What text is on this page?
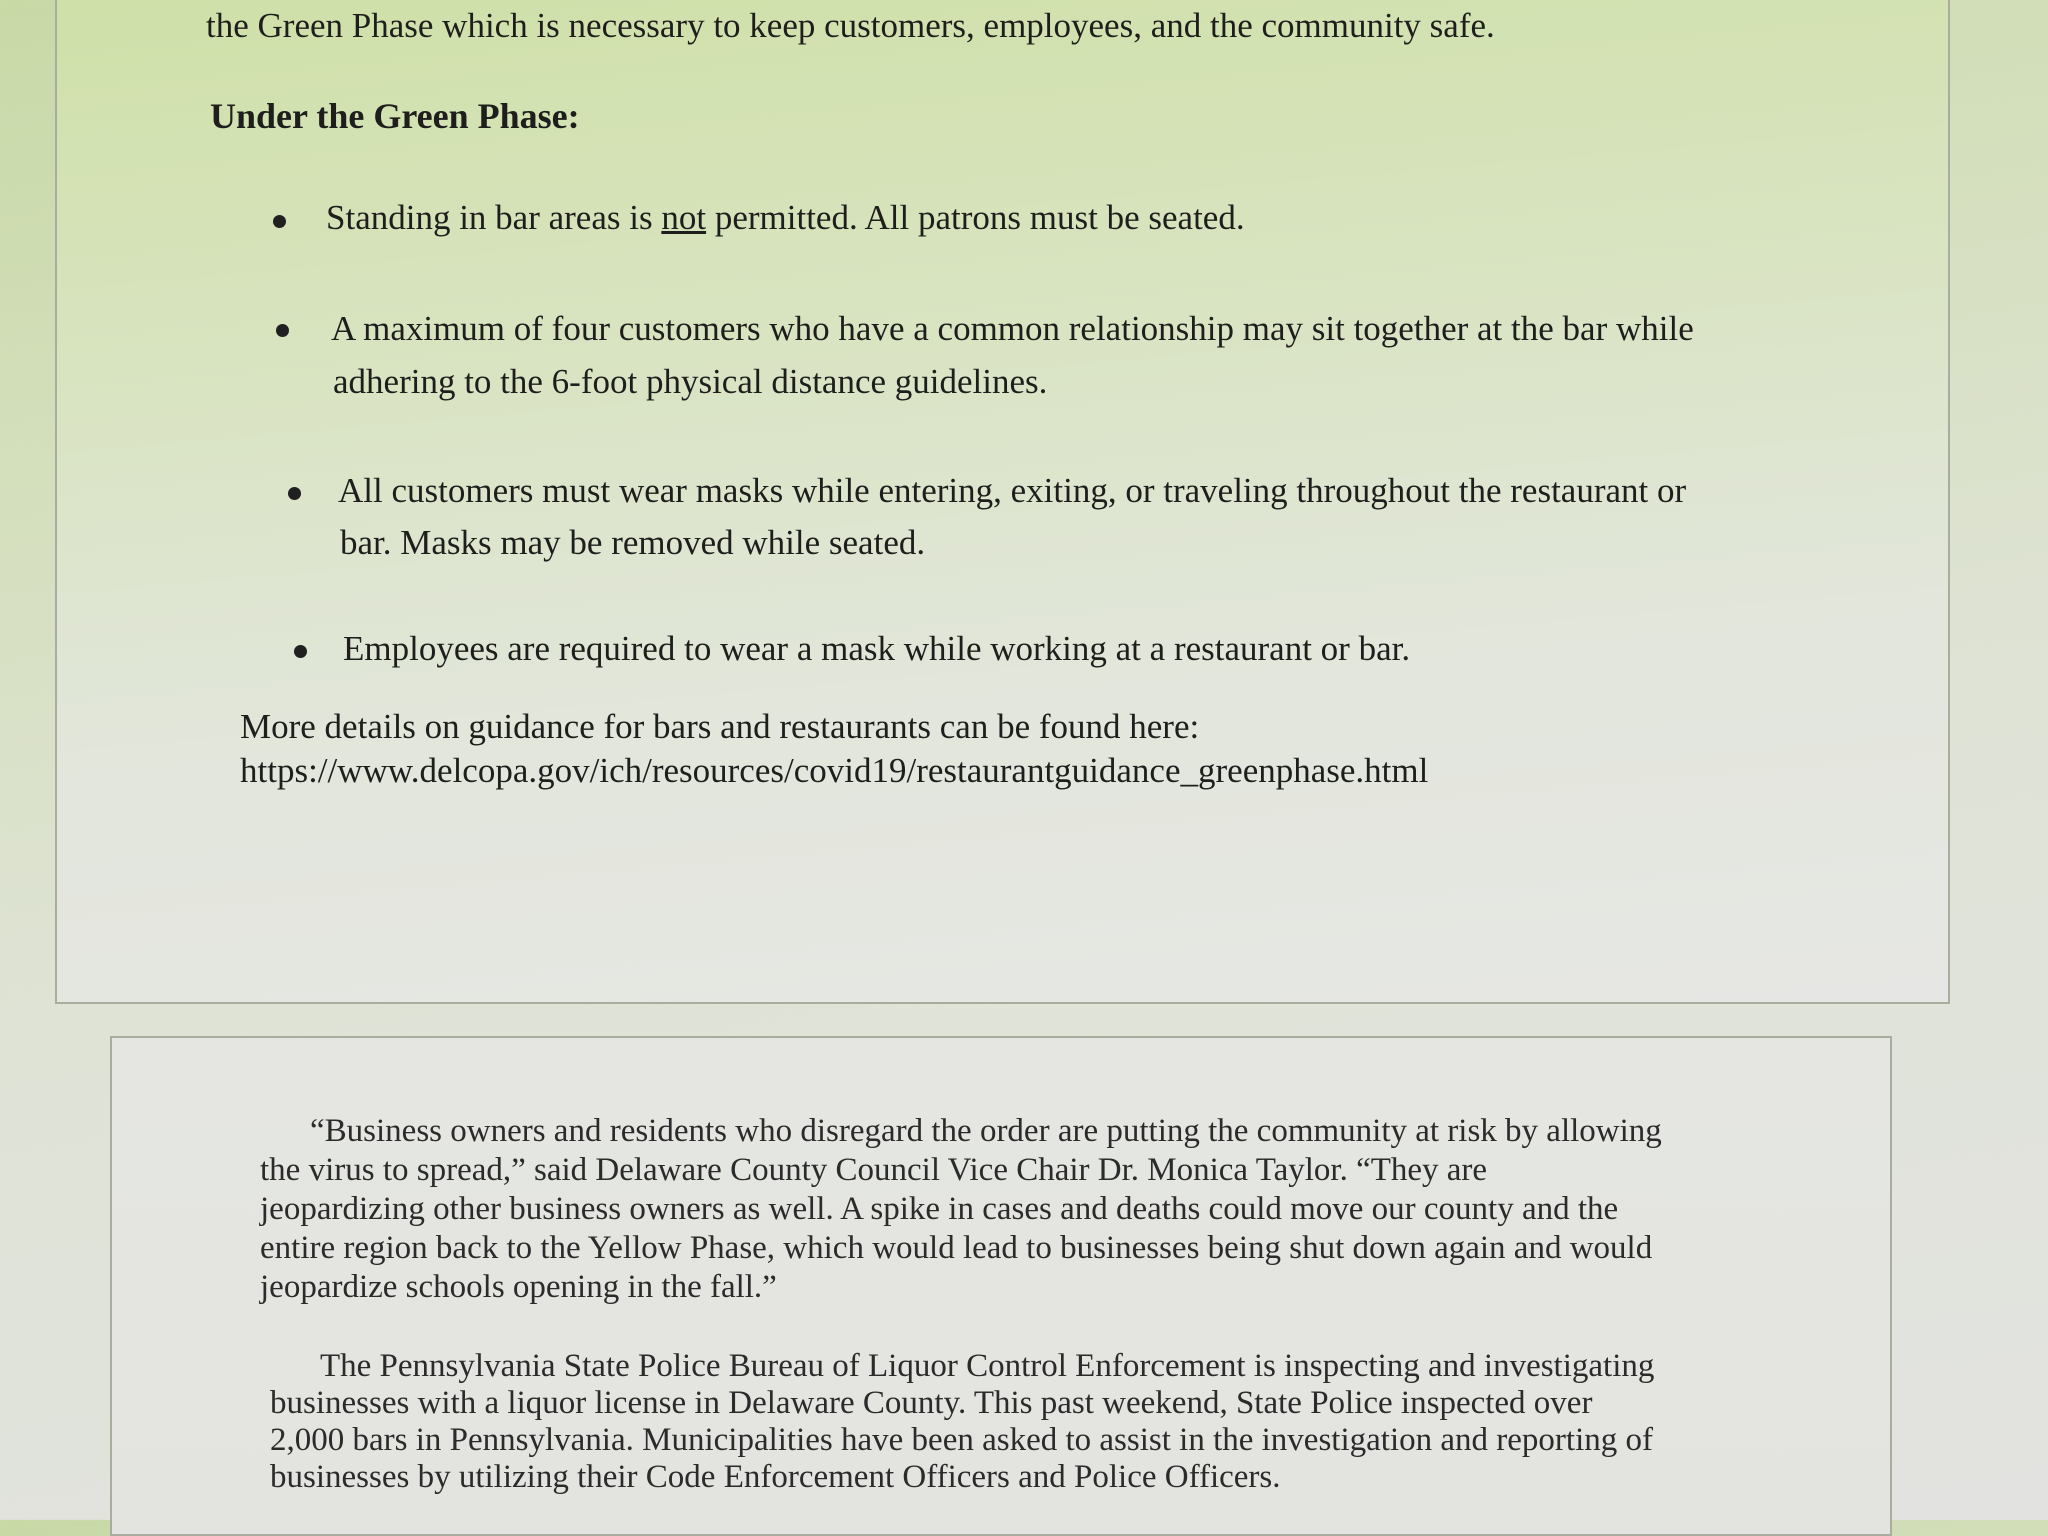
the Green Phase which is necessary to keep customers, employees, and the community safe.
Under the Green Phase:
Standing in bar areas is not permitted. All patrons must be seated.
A maximum of four customers who have a common relationship may sit together at the bar while
adhering to the 6-foot physical distance guidelines.
All customers must wear masks while entering, exiting, or traveling throughout the restaurant or
bar. Masks may be removed while seated.
Employees are required to wear a mask while working at a restaurant or bar.
More details on guidance for bars and restaurants can be found here:
https://www.delcopa.gov/ich/resources/covid19/restaurantguidance_greenphase.html
“Business owners and residents who disregard the order are putting the community at risk by allowing
the virus to spread,” said Delaware County Council Vice Chair Dr. Monica Taylor. “They are
jeopardizing other business owners as well. A spike in cases and deaths could move our county and the
entire region back to the Yellow Phase, which would lead to businesses being shut down again and would
jeopardize schools opening in the fall.”
The Pennsylvania State Police Bureau of Liquor Control Enforcement is inspecting and investigating
businesses with a liquor license in Delaware County. This past weekend, State Police inspected over
2,000 bars in Pennsylvania. Municipalities have been asked to assist in the investigation and reporting of
businesses by utilizing their Code Enforcement Officers and Police Officers.
